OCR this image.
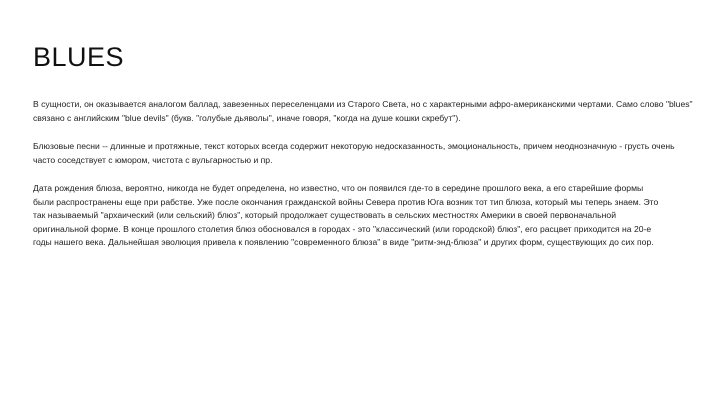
BLUES

В сущности, он оказывается аналогом баллад, завезенных переселенцами из Старого Света, но с характерными афро-американскими чертами. Само слово "blues" связано с английским "blue devils" (букв. "голубые дьяволы", иначе говоря, "когда на душе кошки скребут").

Блюзовые песни -- длинные и протяжные, текст которых всегда содержит некоторую недосказанность, эмоциональность, причем неоднозначную - грусть очень часто соседствует с юмором, чистота с вульгарностью и пр.

Дата рождения блюза, вероятно, никогда не будет определена, но известно, что он появился где-то в середине прошлого века, а его старейшие формы были распространены еще при рабстве. Уже после окончания гражданской войны Севера против Юга возник тот тип блюза, который мы теперь знаем. Это так называемый "архаический (или сельский) блюз", который продолжает существовать в сельских местностях Америки в своей первоначальной оригинальной форме. В конце прошлого столетия блюз обосновался в городах - это "классический (или городской) блюз", его расцвет приходится на 20-е годы нашего века. Дальнейшая эволюция привела к появлению "современного блюза" в виде "ритм-энд-блюза" и других форм, существующих до сих пор.
